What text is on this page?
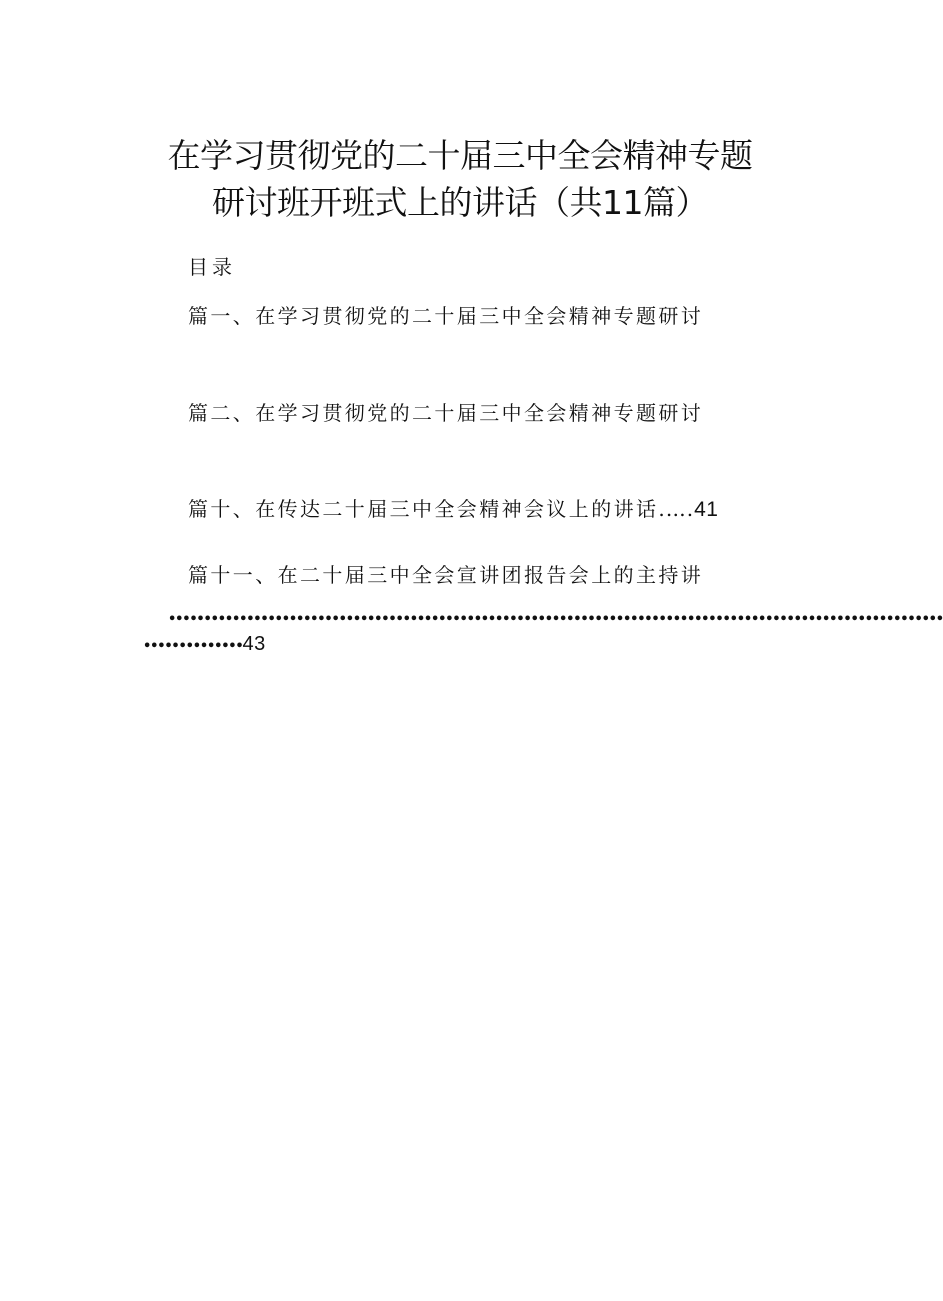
在学习贯彻党的二十届三中全会精神专题
研讨班开班式上的讲话（共11篇）
目录
篇一、在学习贯彻党的二十届三中全会精神专题研讨
篇二、在学习贯彻党的二十届三中全会精神专题研讨
篇十、在传达二十届三中全会精神会议上的讲话.….41
篇十一、在二十届三中全会宣讲团报告会上的主持讲
•••••••••••••••••••••••••••••••••••••••••••••••••••••••••••••••••••••••••••••••••••••••••••••••••••••••••••••
••••••••••••••43
